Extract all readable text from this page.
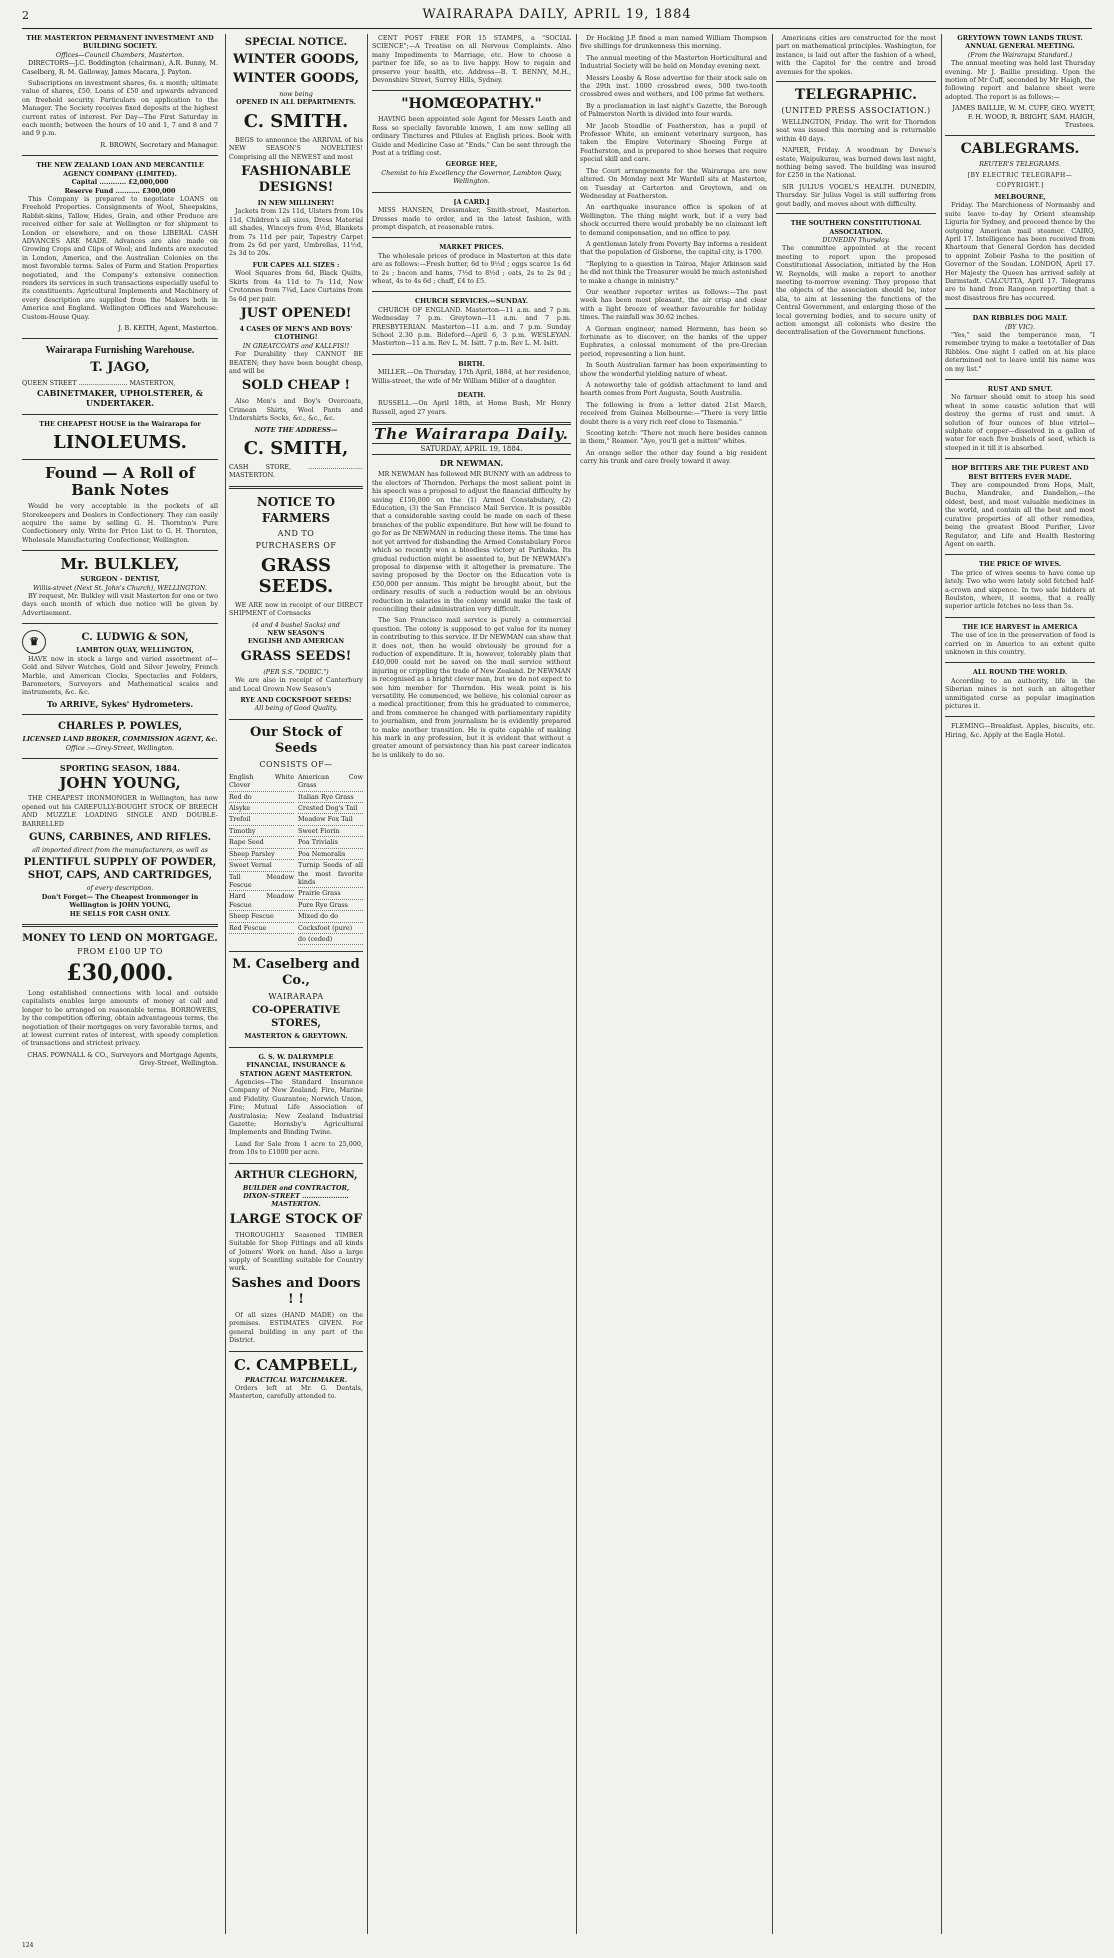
2	WAIRARAPA DAILY, APRIL 19, 1884
THE MASTERTON PERMANENT INVESTMENT AND BUILDING SOCIETY.
Offices—Council Chambers, Masterton.

DIRECTORS—J.C. Boddington (chairman), A.R. Bunny, M. Caselberg, R. M. Galloway, James Macara, J. Payton.

Subscriptions on investment shares, 6s. a month; ultimate value of shares, £50. Loans of £50 and upwards advanced on freehold security. Particulars on application to the Manager. The Society receives fixed deposits at the highest current rates of interest. Fer Day—The First Saturday in each month; between the hours of 10 and 1, 7 and 8 and 7 and 9 p.m.

R. BROWN, Secretary and Manager.
THE NEW ZEALAND LOAN AND MERCANTILE AGENCY COMPANY (LIMITED).
Capital ............ £2,000,000
Reserve Fund ........... £300,000

This Company is prepared to negotiate LOANS on Freehold Properties. Consignments of Wool, Sheepskins, Rabbit-skins, Tallow, Hides, Grain, and other Produce are received either for sale at Wellington or for shipment to London or elsewhere, and on those LIBERAL CASH ADVANCES ARE MADE. Advances are also made on Growing Crops and Clips of Wool; and Indents are executed in London, America, and the Australian Colonies on the most favorable terms. Sales of Farm and Station Properties negotiated, and the Company's extensive connection renders its services in such transactions especially useful to its constituents. Agricultural Implements and Machinery of every description are supplied from the Makers both in America and England. Wellington Offices and Warehouse: Custom-House Quay.

J. B. KEITH, Agent, Masterton.
Wairarapa Furnishing Warehouse.
T. JAGO,
QUEEN STREET ........................ MASTERTON,
CABINETMAKER, UPHOLSTERER, & UNDERTAKER.
THE CHEAPEST HOUSE in the Wairarapa for
LINOLEUMS.
Found — A Roll of Bank Notes

Would be very acceptable in the pockets of all Storekeepers and Dealers in Confectionery. They can easily acquire the same by selling G. H. Thornton's Pure Confectionery only. Write for Price List to G. H. Thornton, Wholesale Manufacturing Confectioner, Wellington.

Mr. BULKLEY,
SURGEON - DENTIST,
Willis-street (Next St. John's Church), WELLINGTON.

BY request, Mr. Bulkley will visit Masterton for one or two days each month of which due notice will be given by Advertisement.

♛	C. LUDWIG & SON,
LAMBTON QUAY, WELLINGTON,

HAVE now in stock a large and varied assortment of—Gold and Silver Watches, Gold and Silver Jewelry, French Marble, and American Clocks, Spectacles and Folders, Barometers, Surveyors and Mathematical scales and instruments, &c. &c.

To ARRIVE, Sykes' Hydrometers.
CHARLES P. POWLES,
LICENSED LAND BROKER, COMMISSION AGENT, &c.
Office :—Grey-Street, Wellington.
SPORTING SEASON, 1884.
JOHN YOUNG,

THE CHEAPEST IRONMONGER in Wellington, has now opened out his CAREFULLY-BOUGHT STOCK OF BREECH AND MUZZLE LOADING SINGLE AND DOUBLE-BARRELLED

GUNS, CARBINES, AND RIFLES.
all imported direct from the manufacturers, as well as
PLENTIFUL SUPPLY OF POWDER, SHOT, CAPS, AND CARTRIDGES,
of every description.
Don't Forget— The Cheapest Ironmonger in Wellington is JOHN YOUNG,
HE SELLS FOR CASH ONLY.
MONEY TO LEND ON MORTGAGE.
FROM £100 UP TO
£30,000.

Long established connections with local and outside capitalists enables large amounts of money at call and longer to be arranged on reasonable terms. BORROWERS, by the competition offering, obtain advantageous terms, the negotiation of their mortgages on very favorable terms, and at lowest current rates of interest, with speedy completion of transactions and strictest privacy.

CHAS. POWNALL & CO., Surveyors and Mortgage Agents, Grey-Street, Wellington.
SPECIAL NOTICE.
WINTER GOODS,
WINTER GOODS,
now being
OPENED IN ALL DEPARTMENTS.
C. SMITH.

BEGS to announce the ARRIVAL of his NEW SEASON'S NOVELTIES! Comprising all the NEWEST and most

FASHIONABLE DESIGNS!
IN NEW MILLINERY!

Jackets from 12s 11d, Ulsters from 10s 11d, Children's all sizes, Dress Material all shades, Winceys from 4½d, Blankets from 7s 11d per pair, Tapestry Carpet from 2s 6d per yard, Umbrellas, 11½d, 2s 3d to 20s.

FUR CAPES ALL SIZES :

Wool Squares from 6d, Black Quilts, Skirts from 4s 11d to 7s 11d, New Cretonnes from 7¼d, Lace Curtains from 5s 6d per pair.

JUST OPENED!
4 CASES OF MEN'S AND BOYS' CLOTHING!
IN GREATCOATS and KALLFIS!!

For Durability they CANNOT BE BEATEN; they have been bought cheap, and will be

SOLD CHEAP !

Also Men's and Boy's Overcoats, Crimean Shirts, Wool Pants and Undershirts Socks, &c., &c., &c.

NOTE THE ADDRESS—
C. SMITH,
CASH STORE, ........................... MASTERTON.
NOTICE TO FARMERS
AND TO
PURCHASERS OF
GRASS SEEDS.

WE ARE now in receipt of our DIRECT SHIPMENT of Cornsacks

(4 and 4 bushel Sacks) and
NEW SEASON'S
ENGLISH AND AMERICAN
GRASS SEEDS!
(PER S.S. "DOBIC.")

We are also in receipt of Canterbury and Local Grown New Season's

RYE AND COCKSFOOT SEEDS!
All being of Good Quality.
Our Stock of Seeds
CONSISTS OF—
English White Clover
Red do
Alsyke
Trefoil
Timothy
Rape Seed
Sheep Parsley
Sweet Vernal
Tall Meadow Fescue
Hard Meadow Fescue
Sheep Fescue
Red Fescue
American Cow Grass
Italian Rye Grass
Crested Dog's Tail
Meadow Fox Tail
Sweet Fiorin
Poa Trivialis
Poa Nemoralis
Turnip Seeds of all the most favorite kinds
Prairie Grass
Pure Rye Grass
Mixed do do
Cocksfoot (pure)
do (ceded)
M. Caselberg and Co.,
WAIRARAPA
CO-OPERATIVE STORES,
MASTERTON & GREYTOWN.
G. S. W. DALRYMPLE
FINANCIAL, INSURANCE & STATION AGENT MASTERTON.

Agencies—The Standard Insurance Company of New Zealand; Fire, Marine and Fidelity. Guarantee; Norwich Union, Fire; Mutual Life Association of Australasia; New Zealand Industrial Gazette; Hornsby's Agricultural Implements and Binding Twine.

Land for Sale from 1 acre to 25,000, from 10s to £1000 per acre.

ARTHUR CLEGHORN,
BUILDER and CONTRACTOR, DIXON-STREET ..................... MASTERTON.
LARGE STOCK OF

THOROUGHLY Seasoned TIMBER Suitable for Shop Fittings and all kinds of Joiners' Work on hand. Also a large supply of Scantling suitable for Country work.

Sashes and Doors ! !

Of all sizes (HAND MADE) on the premises. ESTIMATES GIVEN. For general building in any part of the District.

C. CAMPBELL,
PRACTICAL WATCHMAKER.

Orders left at Mr. G. Dentals, Masterton, carefully attended to.

CENT POST FREE FOR 15 STAMPS, a "SOCIAL SCIENCE";—A Treatise on all Nervous Complaints. Also many Impediments to Marriage, etc. How to choose a partner for life, so as to live happy. How to regain and preserve your health, etc. Address—B. T. BENNY, M.H., Devonshire Street, Surrey Hills, Sydney.

"HOMŒOPATHY."

HAVING been appointed sole Agent for Messrs Leath and Ross so specially favorable known, I am now selling all ordinary Tinctures and Pilules at English prices. Book with Guide and Medicine Case at "Ends." Can be sent through the Post at a trifling cost.

GEORGE HEE,
Chemist to his Excellency the Governor, Lambton Quay, Wellington.
[A CARD.]

MISS HANSEN, Dressmaker, Smith-street, Masterton. Dresses made to order, and in the latest fashion, with prompt dispatch, at reasonable rates.

MARKET PRICES.

The wholesale prices of produce in Masterton at this date are as follows:—Fresh butter, 6d to 9½d ; eggs scarce 1s 6d to 2s ; bacon and hams, 7½d to 8½d ; oats, 2s to 2s 9d ; wheat, 4s to 4s 6d ; chaff, £4 to £5.

CHURCH SERVICES.—SUNDAY.

CHURCH OF ENGLAND. Masterton—11 a.m. and 7 p.m. Wednesday 7 p.m. Greytown—11 a.m. and 7 p.m. PRESBYTERIAN. Masterton—11 a.m. and 7 p.m. Sunday School 2.30 p.m. Bideford—April 6, 3 p.m. WESLEYAN. Masterton—11 a.m. Rev L. M. Isitt. 7 p.m. Rev L. M. Isitt.

BIRTH.

MILLER.—On Thursday, 17th April, 1884, at her residence, Willis-street, the wife of Mr William Miller of a daughter.

DEATH.

RUSSELL.—On April 18th, at Home Bush, Mr Henry Russell, aged 27 years.

The Wairarapa Daily.
SATURDAY, APRIL 19, 1884.
DR NEWMAN.

MR NEWMAN has followed MR BUNNY with an address to the electors of Thorndon. Perhaps the most salient point in his speech was a proposal to adjust the financial difficulty by saving £150,000 on the (1) Armed Constabulary, (2) Education, (3) the San Francisco Mail Service. It is possible that a considerable saving could be made on each of these branches of the public expenditure. But how will be found to go for as Dr NEWMAN in reducing these items. The time has not yet arrived for disbanding the Armed Constabulary Force which so recently won a bloodless victory at Parihaka. Its gradual reduction might be assented to, but Dr NEWMAN's proposal to dispense with it altogether is premature. The saving proposed by the Doctor on the Education vote is £50,000 per annum. This might be brought about, but the ordinary results of such a reduction would be an obvious reduction in salaries in the colony would make the task of reconciling their administration very difficult.

The San Francisco mail service is purely a commercial question. The colony is supposed to get value for its money in contributing to this service. If Dr NEWMAN can show that it does not, then he would obviously be ground for a reduction of expenditure. It is, however, tolerably plain that £40,000 could not be saved on the mail service without injuring or crippling the trade of New Zealand. Dr NEWMAN is recognised as a bright clever man, but we do not expect to see him member for Thorndon. His weak point is his versatility. He commenced, we believe, his colonial career as a medical practitioner, from this he graduated to commerce, and from commerce he changed with parliamentary rapidity to journalism, and from journalism he is evidently prepared to make another transition. He is quite capable of making his mark in any profession, but it is evident that without a greater amount of persistency than his past career indicates he is unlikely to do so.

Dr Hocking J.P. fined a man named William Thompson five shillings for drunkenness this morning.

The annual meeting of the Masterton Horticultural and Industrial Society will be held on Monday evening next.

Messrs Loasby & Rose advertise for their stock sale on the 29th inst. 1000 crossbred ewes, 500 two-tooth crossbred ewes and wethers, and 100 prime fat wethers.

By a proclamation in last night's Gazette, the Borough of Palmerston North is divided into four wards.

Mr Jacob Steadlie of Featherston, has a pupil of Professor White, an eminent veterinary surgeon, has taken the Empire Veterinary Shoeing Forge at Featherston, and is prepared to shoe horses that require special skill and care.

The Court arrangements for the Wairarapa are now altered. On Monday next Mr Wardell sits at Masterton, on Tuesday at Carterton and Greytown, and on Wednesday at Featherston.

An earthquake insurance office is spoken of at Wellington. The thing might work, but if a very bad shock occurred there would probably be no claimant left to demand compensation, and no office to pay.

A gentleman lately from Poverty Bay informs a resident that the population of Gisborne, the capital city, is 1700.

"Replying to a question in Tairoa, Major Atkinson said he did not think the Treasurer would be much astonished to make a change in ministry."

Our weather reporter writes as follows:—The past week has been most pleasant, the air crisp and clear with a light breeze of weather favourable for holiday times. The rainfall was 30.62 inches.

A German engineer, named Hermann, has been so fortunate as to discover, on the banks of the upper Euphrates, a colossal monument of the pre-Grecian period, representing a lion hunt.

In South Australian farmer has been experimenting to show the wonderful yielding nature of wheat.

A noteworthy tale of goldish attachment to land and hearth comes from Port Augusta, South Australia.

The following is from a letter dated 21st March, received from Guinea Melbourne:—"There is very little doubt there is a very rich reef close to Tasmania."

Scooting ketch: "There not much here besides cannon in them," Reamer. "Aye, you'll get a mitten" whites.

An orange seller the other day found a big resident carry his trunk and care freely toward it away.

Americans cities are constructed for the most part on mathematical principles. Washington, for instance, is laid out after the fashion of a wheel, with the Capitol for the centre and broad avenues for the spokes.

TELEGRAPHIC.
(UNITED PRESS ASSOCIATION.)

WELLINGTON, Friday. The writ for Thorndon seat was issued this morning and is returnable within 40 days.

NAPIER, Friday. A woodman by Dowse's estate, Waipukurau, was burned down last night, nothing being saved. The building was insured for £250 in the National.

SIR JULIUS VOGEL'S HEALTH. DUNEDIN, Thursday. Sir Julius Vogel is still suffering from gout badly, and moves about with difficulty.

THE SOUTHERN CONSTITUTIONAL ASSOCIATION.
DUNEDIN Thursday.

The committee appointed at the recent meeting to report upon the proposed Constitutional Association, initiated by the Hon W. Reynolds, will make a report to another meeting to-morrow evening. They propose that the objects of the association should be, inter alia, to aim at lessening the functions of the Central Government, and enlarging those of the local governing bodies, and to secure unity of action amongst all colonists who desire the decentralisation of the Government functions.

GREYTOWN TOWN LANDS TRUST.
ANNUAL GENERAL MEETING.
(From the Wairarapa Standard.)

The annual meeting was held last Thursday evening. Mr J. Baillie presiding. Upon the motion of Mr Cuff, seconded by Mr Haigh, the following report and balance sheet were adopted. The report is as follows:—

JAMES BAILLIE, W. M. CUFF, GEO. WYETT, F. H. WOOD, R. BRIGHT, SAM. HAIGH, Trustees.
CABLEGRAMS.
REUTER'S TELEGRAMS.
[BY ELECTRIC TELEGRAPH—COPYRIGHT.]
MELBOURNE,

Friday. The Marchioness of Normanby and suite leave to-day by Orient steamship Liguria for Sydney, and proceed thence by the outgoing American mail steamer. CAIRO, April 17. Intelligence has been received from Khartoum that General Gordon has decided to appoint Zobeir Pasha to the position of Governor of the Soudan. LONDON, April 17. Her Majesty the Queen has arrived safely at Darmstadt. CALCUTTA, April 17. Telegrams are to hand from Rangoon reporting that a most disastrous fire has occurred.

DAN RIBBLES DOG MALT.
(BY VIC).

"Yes," said the temperance man, "I remember trying to make a teetotaller of Dan Ribbles. One night I called on at his place determined not to leave until his name was on my list."

RUST AND SMUT.

No farmer should omit to steep his seed wheat in some caustic solution that will destroy the germs of rust and smut. A solution of four ounces of blue vitriol—sulphate of copper—dissolved in a gallon of water for each five bushels of seed, which is steeped in it till it is absorbed.

HOP BITTERS ARE THE PUREST AND BEST BITTERS EVER MADE.

They are compounded from Hops, Malt, Buchu, Mandrake, and Dandelion,—the oldest, best, and most valuable medicines in the world, and contain all the best and most curative properties of all other remedies, being the greatest Blood Purifier, Liver Regulator, and Life and Health Restoring Agent on earth.

THE PRICE OF WIVES.

The price of wives seems to have come up lately. Two who were lately sold fetched half-a-crown and sixpence. In two sale bidders at Roulston, where, it seems, that a really superior article fetches no less than 5s.

THE ICE HARVEST in AMERICA

The use of ice in the preservation of food is carried on in America to an extent quite unknown in this country.

ALL ROUND THE WORLD.

According to an authority, life in the Siberian mines is not such an altogether unmitigated curse as popular imagination pictures it.

FLEMING—Breakfast. Apples, biscuits, etc. Hiring, &c. Apply at the Eagle Hotel.

124
